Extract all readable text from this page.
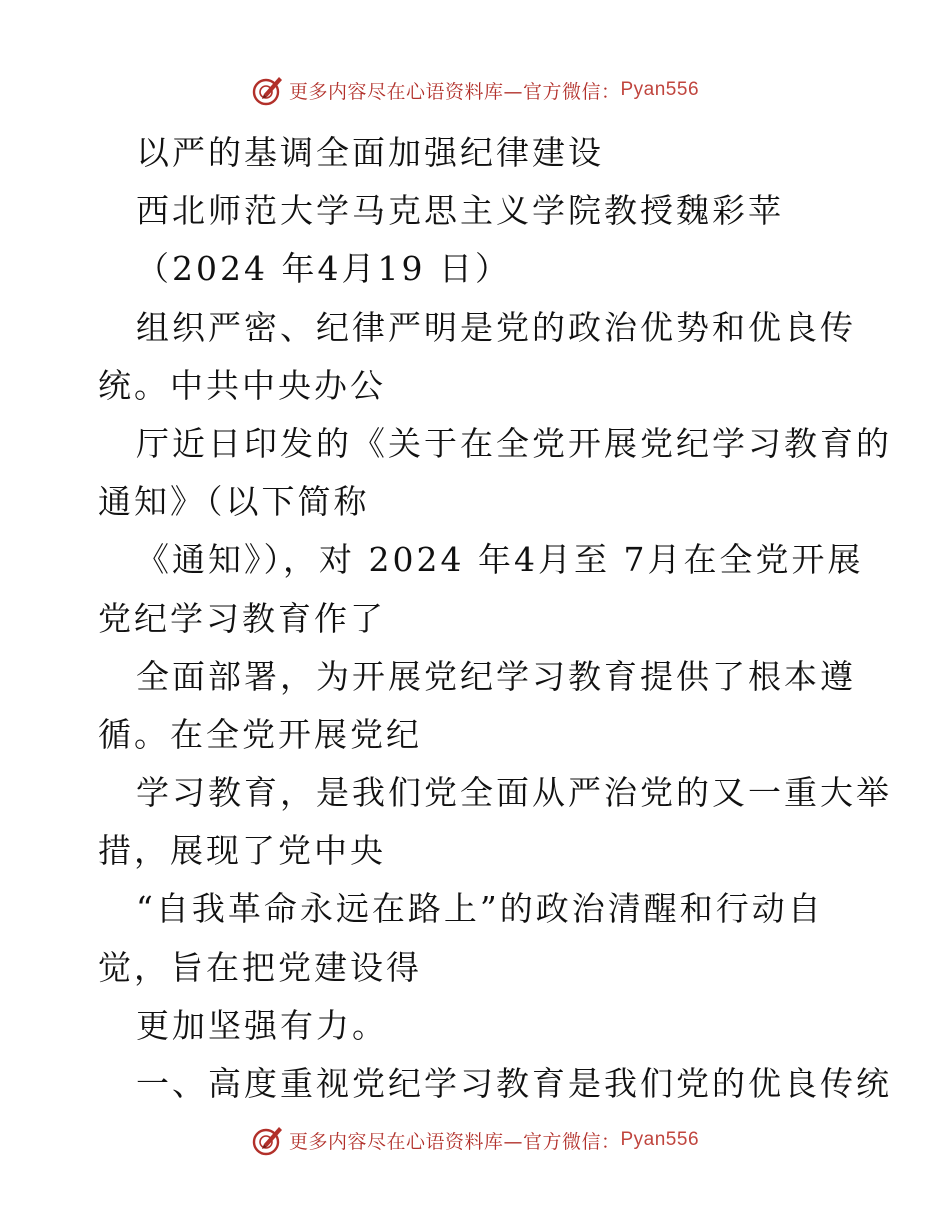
更多内容尽在心语资料库—官方微信： Pyan556
以严的基调全面加强纪律建设
西北师范大学马克思主义学院教授魏彩苹
（2024 年4月19 日）
组织严密、纪律严明是党的政治优势和优良传
统。中共中央办公
厅近日印发的《关于在全党开展党纪学习教育的
通知》（以下简称
《通知》），对 2024 年4月至 7月在全党开展
党纪学习教育作了
全面部署，为开展党纪学习教育提供了根本遵
循。在全党开展党纪
学习教育，是我们党全面从严治党的又一重大举
措，展现了党中央
“自我革命永远在路上”的政治清醒和行动自
觉，旨在把党建设得
更加坚强有力。
一、高度重视党纪学习教育是我们党的优良传统
更多内容尽在心语资料库—官方微信： Pyan556
